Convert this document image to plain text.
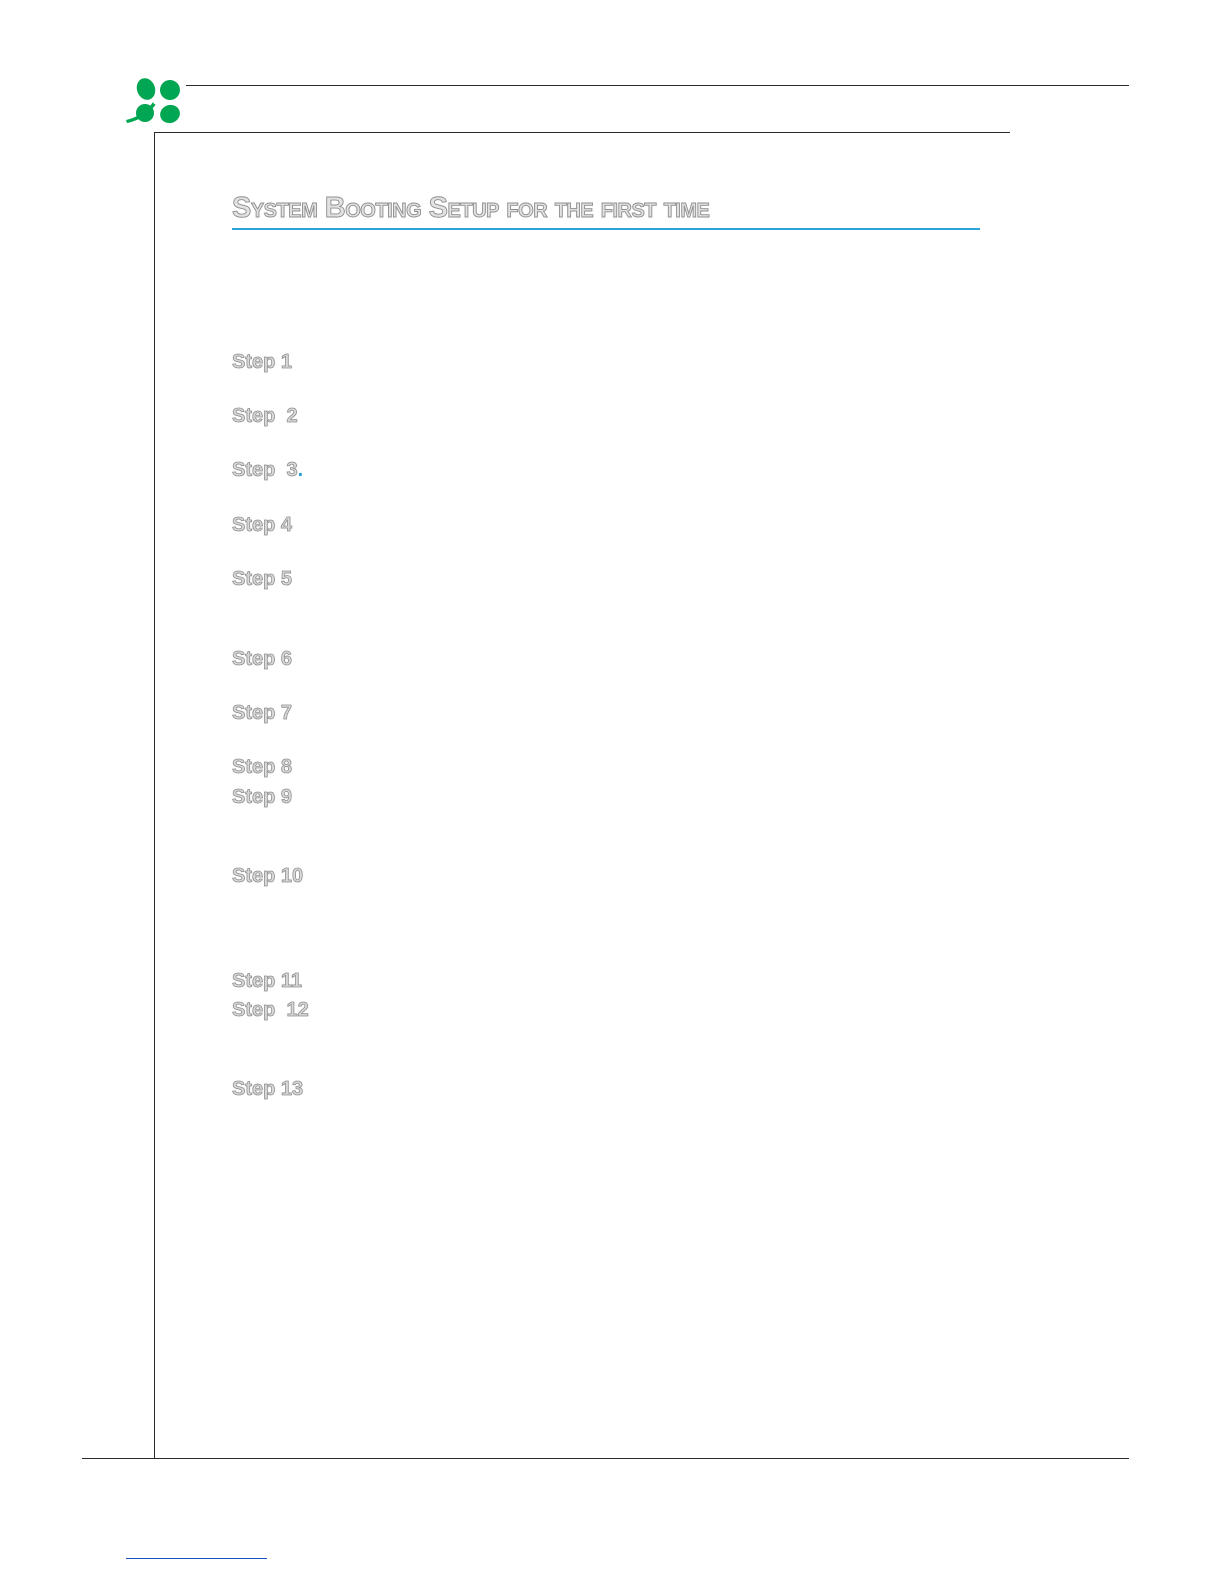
System Booting Setup for the first time
Step 1
Step  2
Step  3.
Step 4
Step 5
Step 6
Step 7
Step 8
Step 9
Step 10
Step 11
Step  12
Step 13
